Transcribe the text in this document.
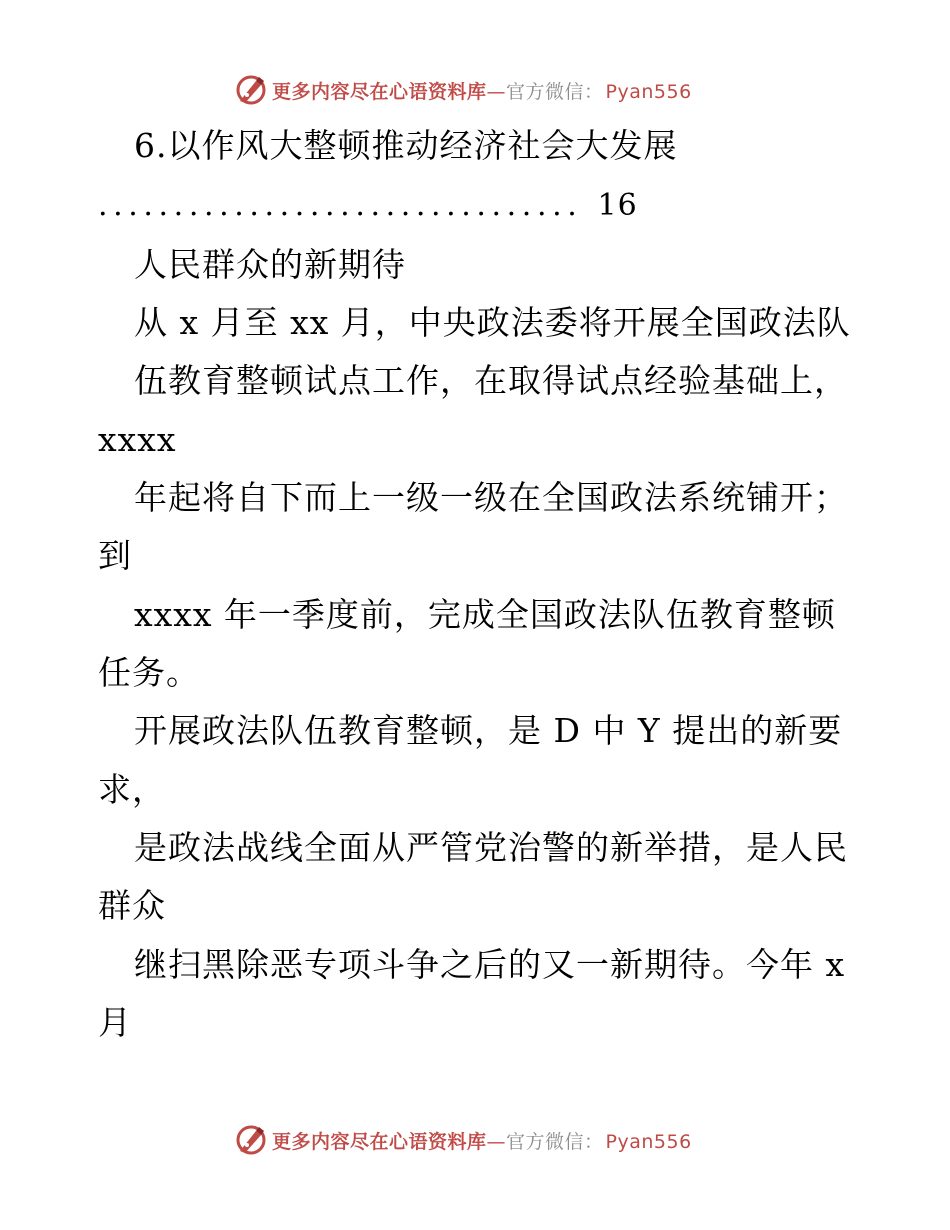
更多内容尽在心语资料库—官方微信： Pyan556
6.以作风大整顿推动经济社会大发展
................................ 16
人民群众的新期待
从 x 月至 xx 月，中央政法委将开展全国政法队
伍教育整顿试点工作，在取得试点经验基础上，
xxxx
年起将自下而上一级一级在全国政法系统铺开；
到
xxxx 年一季度前，完成全国政法队伍教育整顿
任务。
开展政法队伍教育整顿，是 D 中 Y 提出的新要
求，
是政法战线全面从严管党治警的新举措，是人民
群众
继扫黑除恶专项斗争之后的又一新期待。今年 x
月
更多内容尽在心语资料库—官方微信： Pyan556
